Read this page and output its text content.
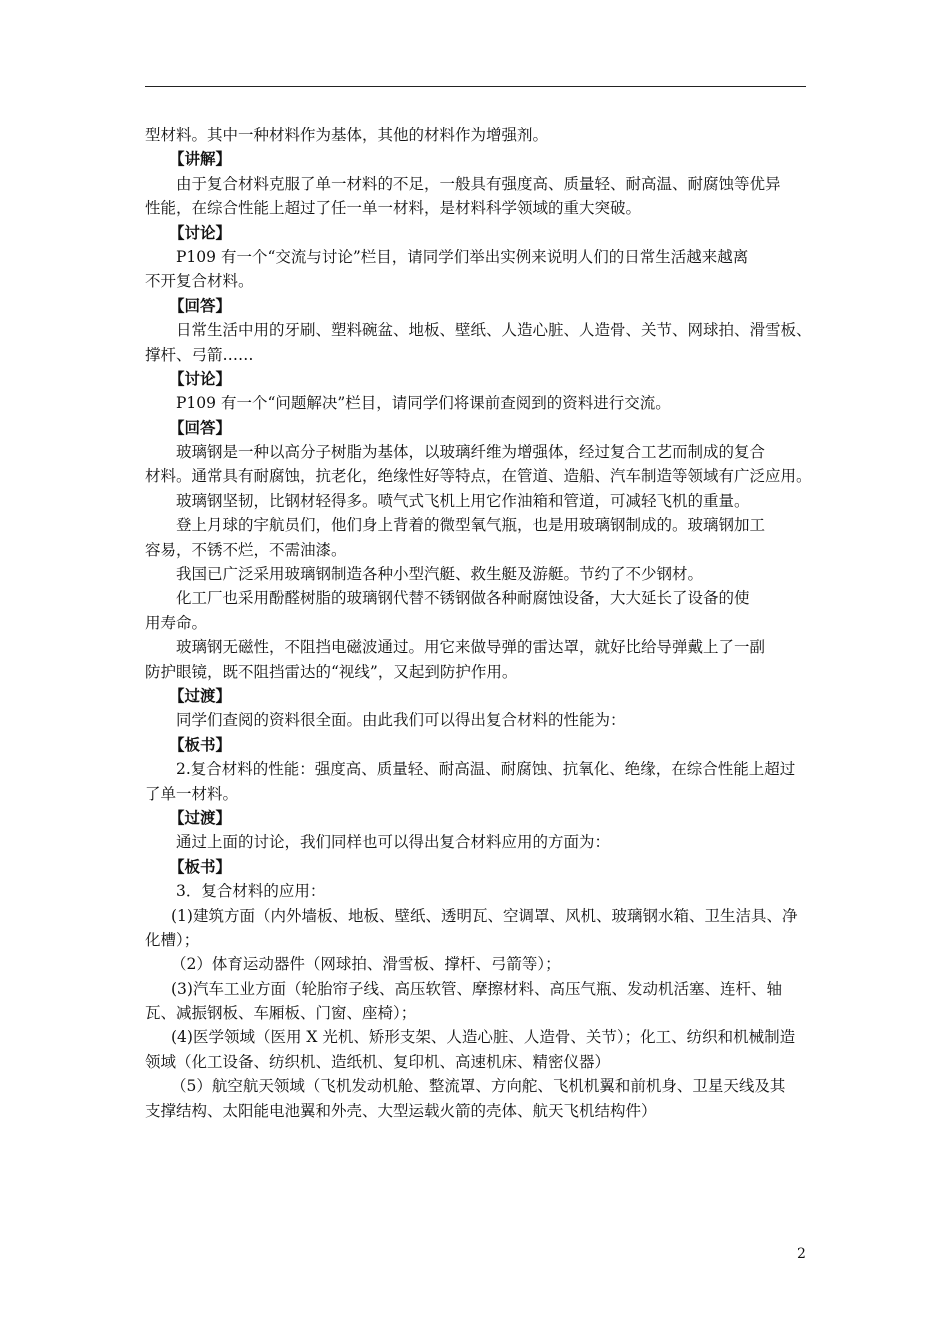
型材料。其中一种材料作为基体，其他的材料作为增强剂。
【讲解】
由于复合材料克服了单一材料的不足，一般具有强度高、质量轻、耐高温、耐腐蚀等优异
性能，在综合性能上超过了任一单一材料，是材料科学领域的重大突破。
【讨论】
P109 有一个“交流与讨论”栏目，请同学们举出实例来说明人们的日常生活越来越离
不开复合材料。
【回答】
日常生活中用的牙刷、塑料碗盆、地板、壁纸、人造心脏、人造骨、关节、网球拍、滑雪板、
撑杆、弓箭……
【讨论】
P109 有一个“问题解决”栏目，请同学们将课前查阅到的资料进行交流。
【回答】
玻璃钢是一种以高分子树脂为基体，以玻璃纤维为增强体，经过复合工艺而制成的复合
材料。通常具有耐腐蚀，抗老化，绝缘性好等特点，在管道、造船、汽车制造等领域有广泛应用。
玻璃钢坚韧，比钢材轻得多。喷气式飞机上用它作油箱和管道，可减轻飞机的重量。
登上月球的宇航员们，他们身上背着的微型氧气瓶，也是用玻璃钢制成的。玻璃钢加工
容易，不锈不烂，不需油漆。
我国已广泛采用玻璃钢制造各种小型汽艇、救生艇及游艇。节约了不少钢材。
化工厂也采用酚醛树脂的玻璃钢代替不锈钢做各种耐腐蚀设备，大大延长了设备的使
用寿命。
玻璃钢无磁性，不阻挡电磁波通过。用它来做导弹的雷达罩，就好比给导弹戴上了一副
防护眼镜，既不阻挡雷达的“视线”，又起到防护作用。
【过渡】
同学们查阅的资料很全面。由此我们可以得出复合材料的性能为：
【板书】
2.复合材料的性能：强度高、质量轻、耐高温、耐腐蚀、抗氧化、绝缘，在综合性能上超过
了单一材料。
【过渡】
通过上面的讨论，我们同样也可以得出复合材料应用的方面为：
【板书】
3．复合材料的应用：
(1)建筑方面（内外墙板、地板、壁纸、透明瓦、空调罩、风机、玻璃钢水箱、卫生洁具、净
化槽）；
（2）体育运动器件（网球拍、滑雪板、撑杆、弓箭等）；
(3)汽车工业方面（轮胎帘子线、高压软管、摩擦材料、高压气瓶、发动机活塞、连杆、轴
瓦、减振钢板、车厢板、门窗、座椅）；
(4)医学领域（医用 X 光机、矫形支架、人造心脏、人造骨、关节）；化工、纺织和机械制造
领域（化工设备、纺织机、造纸机、复印机、高速机床、精密仪器）
（5）航空航天领域（飞机发动机舱、整流罩、方向舵、飞机机翼和前机身、卫星天线及其
支撑结构、太阳能电池翼和外壳、大型运载火箭的壳体、航天飞机结构件）
2
